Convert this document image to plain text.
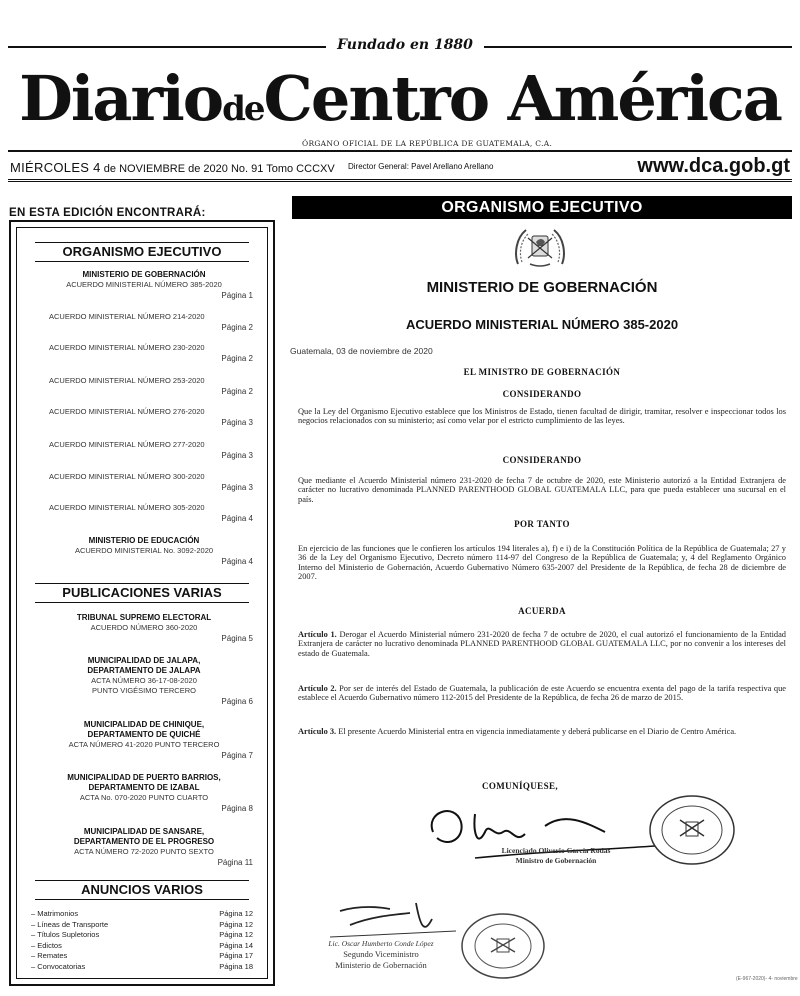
Fundado en 1880
DiariodeCentro América
ÓRGANO OFICIAL DE LA REPÚBLICA DE GUATEMALA, C.A.
MIÉRCOLES 4 de NOVIEMBRE de 2020 No. 91 Tomo CCCXV Director General: Pavel Arellano Arellano	www.dca.gob.gt
EN ESTA EDICIÓN ENCONTRARÁ:
ORGANISMO EJECUTIVO
MINISTERIO DE GOBERNACIÓN
ACUERDO MINISTERIAL NÚMERO 385-2020
Página 1
ACUERDO MINISTERIAL NÚMERO 214-2020
Página 2
ACUERDO MINISTERIAL NÚMERO 230-2020
Página 2
ACUERDO MINISTERIAL NÚMERO 253-2020
Página 2
ACUERDO MINISTERIAL NÚMERO 276-2020
Página 3
ACUERDO MINISTERIAL NÚMERO 277-2020
Página 3
ACUERDO MINISTERIAL NÚMERO 300-2020
Página 3
ACUERDO MINISTERIAL NÚMERO 305-2020
Página 4
MINISTERIO DE EDUCACIÓN
ACUERDO MINISTERIAL No. 3092-2020
Página 4
PUBLICACIONES VARIAS
TRIBUNAL SUPREMO ELECTORAL
ACUERDO NÚMERO 360-2020
Página 5
MUNICIPALIDAD DE JALAPA,
DEPARTAMENTO DE JALAPA
ACTA NÚMERO 36-17-08-2020
PUNTO VIGÉSIMO TERCERO
Página 6
MUNICIPALIDAD DE CHINIQUE,
DEPARTAMENTO DE QUICHÉ
ACTA NÚMERO 41-2020 PUNTO TERCERO
Página 7
MUNICIPALIDAD DE PUERTO BARRIOS,
DEPARTAMENTO DE IZABAL
ACTA No. 070-2020 PUNTO CUARTO
Página 8
MUNICIPALIDAD DE SANSARE,
DEPARTAMENTO DE EL PROGRESO
ACTA NÚMERO 72-2020 PUNTO SEXTO
Página 11
ANUNCIOS VARIOS
– Matrimonios	Página 12
– Líneas de Transporte	Página 12
– Títulos Supletorios	Página 12
– Edictos	Página 14
– Remates	Página 17
– Convocatorias	Página 18
ORGANISMO EJECUTIVO
MINISTERIO DE GOBERNACIÓN
ACUERDO MINISTERIAL NÚMERO 385-2020
Guatemala, 03 de noviembre de 2020
EL MINISTRO DE GOBERNACIÓN
CONSIDERANDO
Que la Ley del Organismo Ejecutivo establece que los Ministros de Estado, tienen facultad de dirigir, tramitar, resolver e inspeccionar todos los negocios relacionados con su ministerio; así como velar por el estricto cumplimiento de las leyes.
CONSIDERANDO
Que mediante el Acuerdo Ministerial número 231-2020 de fecha 7 de octubre de 2020, este Ministerio autorizó a la Entidad Extranjera de carácter no lucrativo denominada PLANNED PARENTHOOD GLOBAL GUATEMALA LLC, para que pueda establecer una sucursal en el país.
POR TANTO
En ejercicio de las funciones que le confieren los artículos 194 literales a), f) e i) de la Constitución Política de la República de Guatemala; 27 y 36 de la Ley del Organismo Ejecutivo, Decreto número 114-97 del Congreso de la República de Guatemala; y, 4 del Reglamento Orgánico Interno del Ministerio de Gobernación, Acuerdo Gubernativo Número 635-2007 del Presidente de la República, de fecha 28 de diciembre de 2007.
ACUERDA
Artículo 1. Derogar el Acuerdo Ministerial número 231-2020 de fecha 7 de octubre de 2020, el cual autorizó el funcionamiento de la Entidad Extranjera de carácter no lucrativo denominada PLANNED PARENTHOOD GLOBAL GUATEMALA LLC, por no convenir a los intereses del estado de Guatemala.
Artículo 2. Por ser de interés del Estado de Guatemala, la publicación de este Acuerdo se encuentra exenta del pago de la tarifa respectiva que establece el Acuerdo Gubernativo número 112-2015 del Presidente de la República, de fecha 26 de marzo de 2015.
Artículo 3. El presente Acuerdo Ministerial entra en vigencia inmediatamente y deberá publicarse en el Diario de Centro América.
COMUNÍQUESE,
Licenciado Oliverio García Rodas
Ministro de Gobernación
Lic. Oscar Humberto Conde López
Segundo Viceministro
Ministerio de Gobernación
(E-967-2020)- 4- noviembre
